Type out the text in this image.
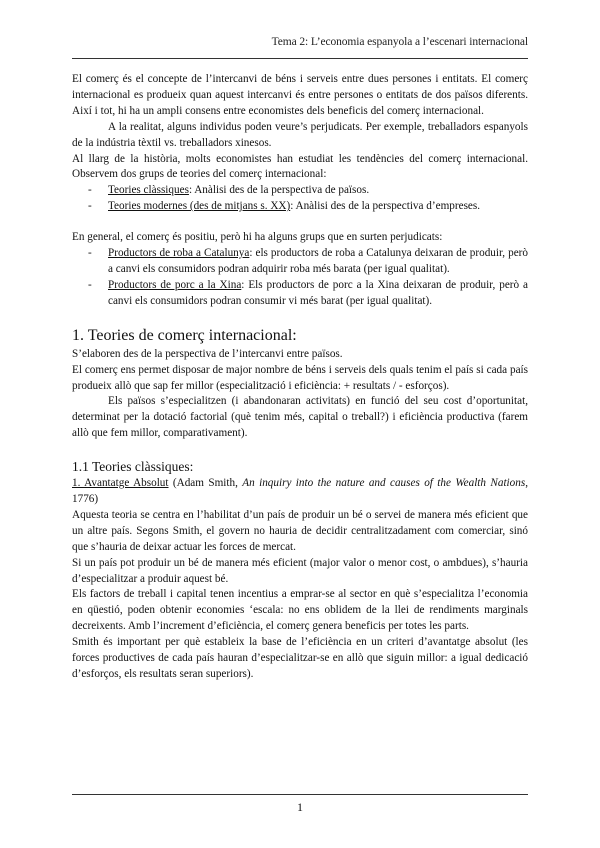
Tema 2: L’economia espanyola a l’escenari internacional

El comerç és el concepte de l’intercanvi de béns i serveis entre dues persones i entitats. El comerç internacional es produeix quan aquest intercanvi és entre persones o entitats de dos països diferents. Així i tot, hi ha un ampli consens entre economistes dels beneficis del comerç internacional.

A la realitat, alguns individus poden veure’s perjudicats. Per exemple, treballadors espanyols de la indústria tèxtil vs. treballadors xinesos.

Al llarg de la història, molts economistes han estudiat les tendències del comerç internacional. Observem dos grups de teories del comerç internacional:

- Teories clàssiques: Anàlisi des de la perspectiva de països.
- Teories modernes (des de mitjans s. XX): Anàlisi des de la perspectiva d’empreses.

En general, el comerç és positiu, però hi ha alguns grups que en surten perjudicats:

- Productors de roba a Catalunya: els productors de roba a Catalunya deixaran de produir, però a canvi els consumidors podran adquirir roba més barata (per igual qualitat).
- Productors de porc a la Xina: Els productors de porc a la Xina deixaran de produir, però a canvi els consumidors podran consumir vi més barat (per igual qualitat).
1. Teories de comerç internacional:

S’elaboren des de la perspectiva de l’intercanvi entre països.

El comerç ens permet disposar de major nombre de béns i serveis dels quals tenim el país si cada país produeix allò que sap fer millor (especialització i eficiència: + resultats / - esforços).

Els països s’especialitzen (i abandonaran activitats) en funció del seu cost d’oportunitat, determinat per la dotació factorial (què tenim més, capital o treball?) i eficiència productiva (farem allò que fem millor, comparativament).

1.1 Teories clàssiques:

1. Avantatge Absolut (Adam Smith, An inquiry into the nature and causes of the Wealth Nations, 1776)

Aquesta teoria se centra en l’habilitat d’un país de produir un bé o servei de manera més eficient que un altre país. Segons Smith, el govern no hauria de decidir centralitzadament com comerciar, sinó que s’hauria de deixar actuar les forces de mercat.

Si un país pot produir un bé de manera més eficient (major valor o menor cost, o ambdues), s’hauria d’especialitzar a produir aquest bé.

Els factors de treball i capital tenen incentius a emprar-se al sector en què s’especialitza l’economia en qüestió, poden obtenir economies ‘escala: no ens oblidem de la llei de rendiments marginals decreixents. Amb l’increment d’eficiència, el comerç genera beneficis per totes les parts.

Smith és important per què estableix la base de l’eficiència en un criteri d’avantatge absolut (les forces productives de cada país hauran d’especialitzar-se en allò que siguin millor: a igual dedicació d’esforços, els resultats seran superiors).

1
